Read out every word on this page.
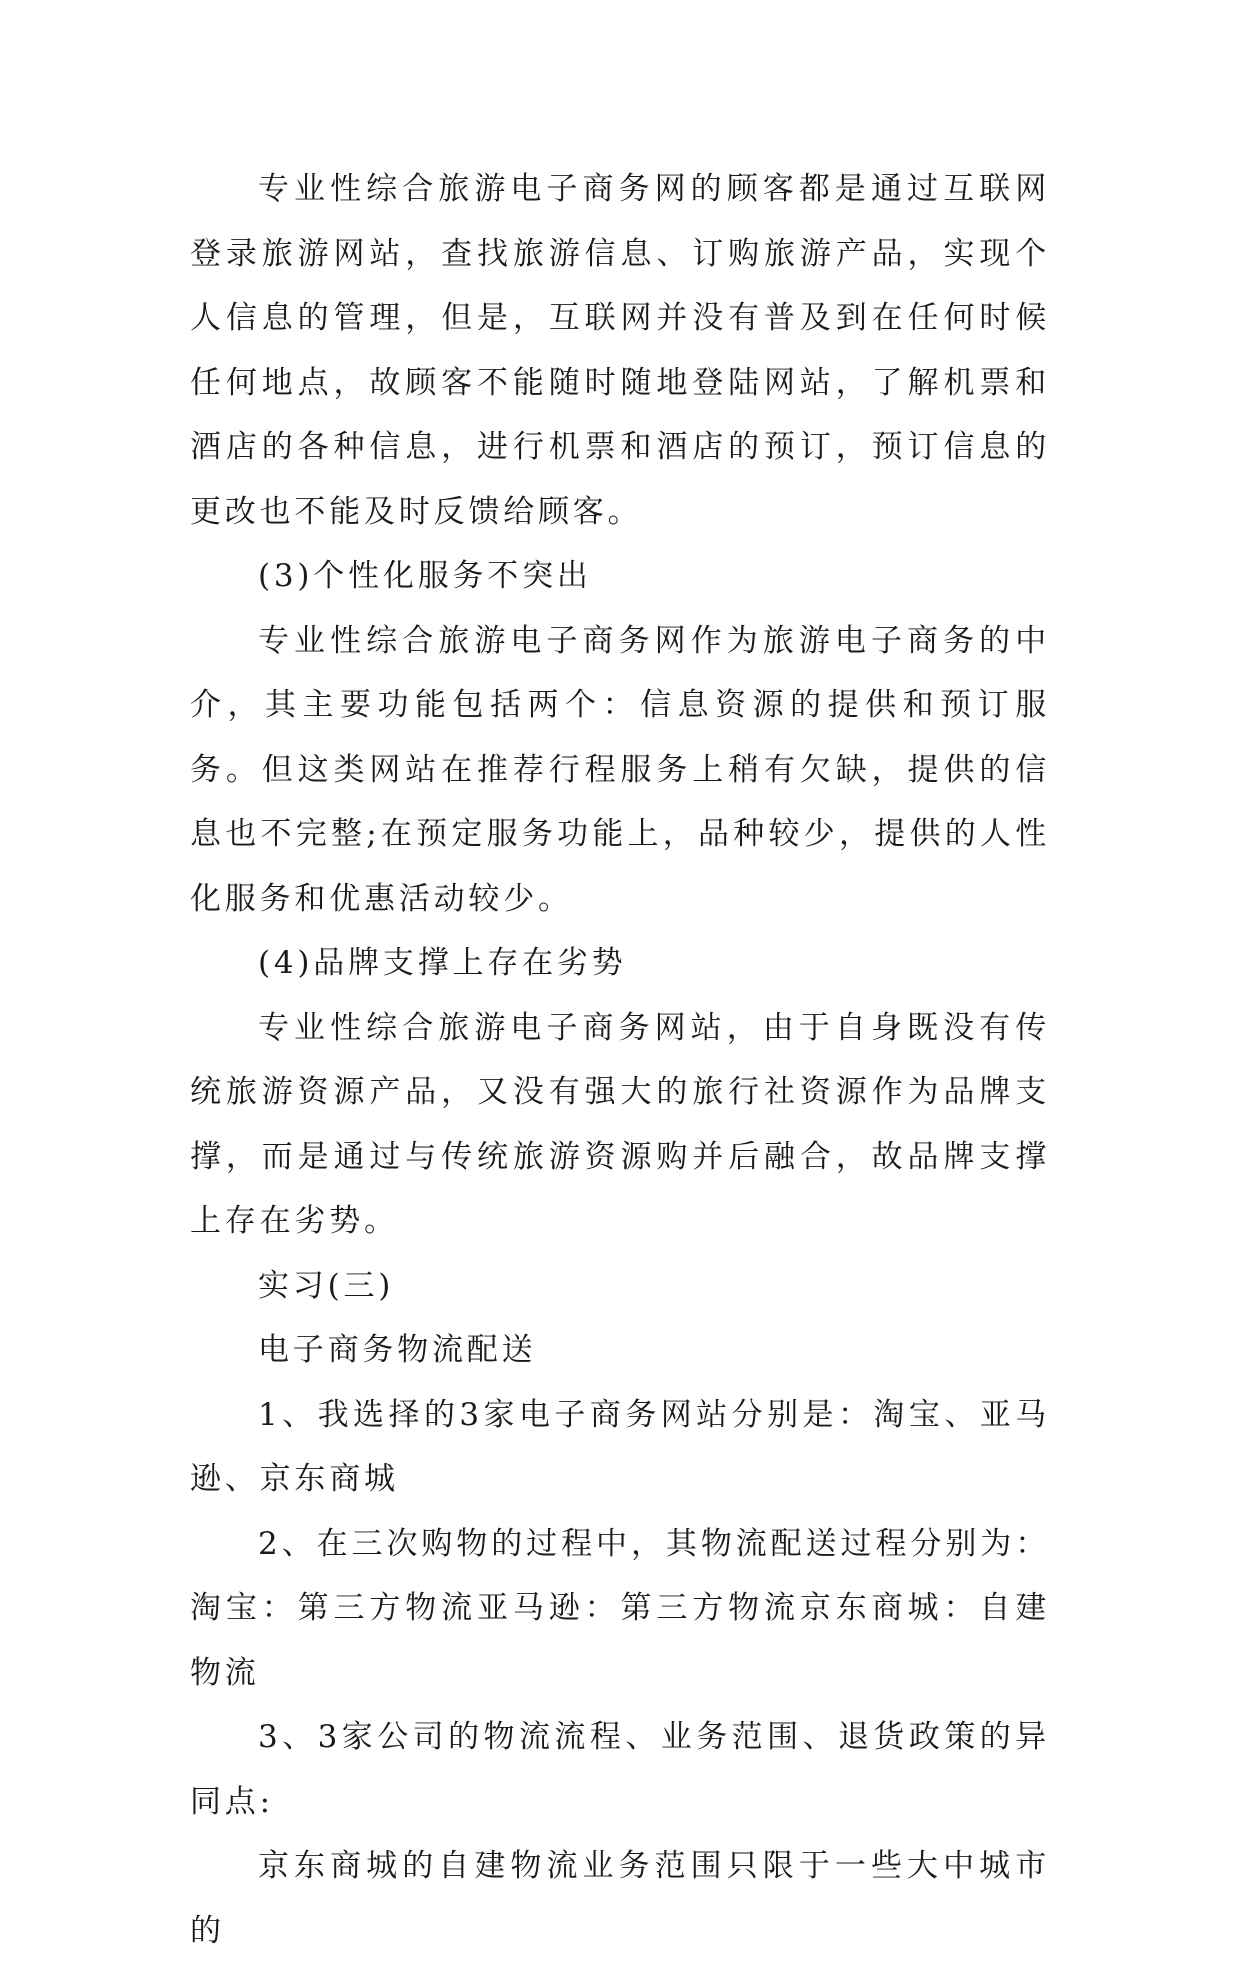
专业性综合旅游电子商务网的顾客都是通过互联网登录旅游网站，查找旅游信息、订购旅游产品，实现个人信息的管理，但是，互联网并没有普及到在任何时候任何地点，故顾客不能随时随地登陆网站，了解机票和酒店的各种信息，进行机票和酒店的预订，预订信息的更改也不能及时反馈给顾客。

(3)个性化服务不突出

专业性综合旅游电子商务网作为旅游电子商务的中介，其主要功能包括两个：信息资源的提供和预订服务。但这类网站在推荐行程服务上稍有欠缺，提供的信息也不完整;在预定服务功能上，品种较少，提供的人性化服务和优惠活动较少。

(4)品牌支撑上存在劣势

专业性综合旅游电子商务网站，由于自身既没有传统旅游资源产品，又没有强大的旅行社资源作为品牌支撑，而是通过与传统旅游资源购并后融合，故品牌支撑上存在劣势。

实习(三)

电子商务物流配送

1、我选择的3家电子商务网站分别是：淘宝、亚马逊、京东商城

2、在三次购物的过程中，其物流配送过程分别为：淘宝：第三方物流亚马逊：第三方物流京东商城：自建物流

3、3家公司的物流流程、业务范围、退货政策的异同点:

京东商城的自建物流业务范围只限于一些大中城市的
